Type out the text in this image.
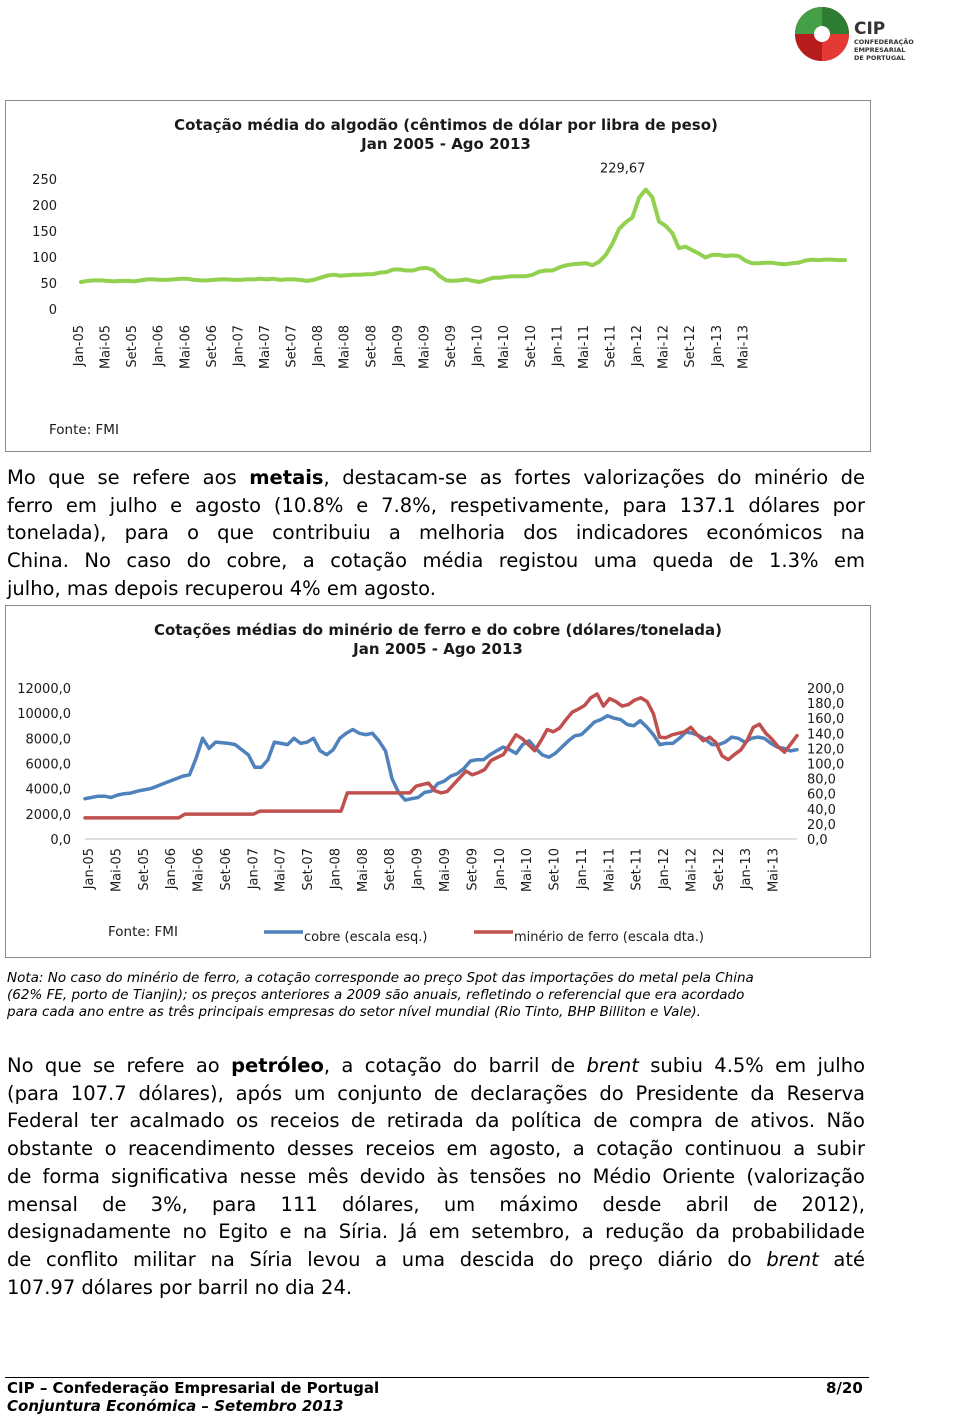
CIP
CONFEDERAÇÃO EMPRESARIAL
DE PORTUGAL
Cotação média do algodão (cêntimos de dólar por libra de peso)
Jan 2005 - Ago 2013
0
50
100
150
200
250
Jan-05 Mai-05 Set-05 Jan-06 Mai-06 Set-06 Jan-07 Mai-07 Set-07 Jan-08 Mai-08 Set-08 Jan-09 Mai-09 Set-09 Jan-10 Mai-10 Set-10 Jan-11 Mai-11 Set-11 Jan-12 Mai-12 Set-12 Jan-13 Mai-13
229,67
Fonte: FMI
Mo que se refere aos metais, destacam-se as fortes valorizações do minério de
ferro em julho e agosto (10.8% e 7.8%, respetivamente, para 137.1 dólares por
tonelada), para o que contribuiu a melhoria dos indicadores económicos na
China. No caso do cobre, a cotação média registou uma queda de 1.3% em
julho, mas depois recuperou 4% em agosto.
Cotações médias do minério de ferro e do cobre (dólares/tonelada)
Jan 2005 - Ago 2013
0,0
2000,0
4000,0
6000,0
8000,0
10000,0
12000,0
0,0
20,0
40,0
60,0
80,0
100,0
120,0
140,0
160,0
180,0
200,0
Jan-05 Mai-05 Set-05 Jan-06 Mai-06 Set-06 Jan-07 Mai-07 Set-07 Jan-08 Mai-08 Set-08 Jan-09 Mai-09 Set-09 Jan-10 Mai-10 Set-10 Jan-11 Mai-11 Set-11 Jan-12 Mai-12 Set-12 Jan-13 Mai-13
cobre (escala esq.)	minério de ferro (escala dta.)
Fonte: FMI
Nota: No caso do minério de ferro, a cotação corresponde ao preço Spot das importações do metal pela China
(62% FE, porto de Tianjin); os preços anteriores a 2009 são anuais, refletindo o referencial que era acordado
para cada ano entre as três principais empresas do setor nível mundial (Rio Tinto, BHP Billiton e Vale).
No que se refere ao petróleo, a cotação do barril de brent subiu 4.5% em julho
(para 107.7 dólares), após um conjunto de declarações do Presidente da Reserva
Federal ter acalmado os receios de retirada da política de compra de ativos. Não
obstante o reacendimento desses receios em agosto, a cotação continuou a subir
de forma significativa nesse mês devido às tensões no Médio Oriente (valorização
mensal de 3%, para 111 dólares, um máximo desde abril de 2012),
designadamente no Egito e na Síria. Já em setembro, a redução da probabilidade
de conflito militar na Síria levou a uma descida do preço diário do brent até
107.97 dólares por barril no dia 24.
CIP – Confederação Empresarial de Portugal
Conjuntura Económica – Setembro 2013
8/20
